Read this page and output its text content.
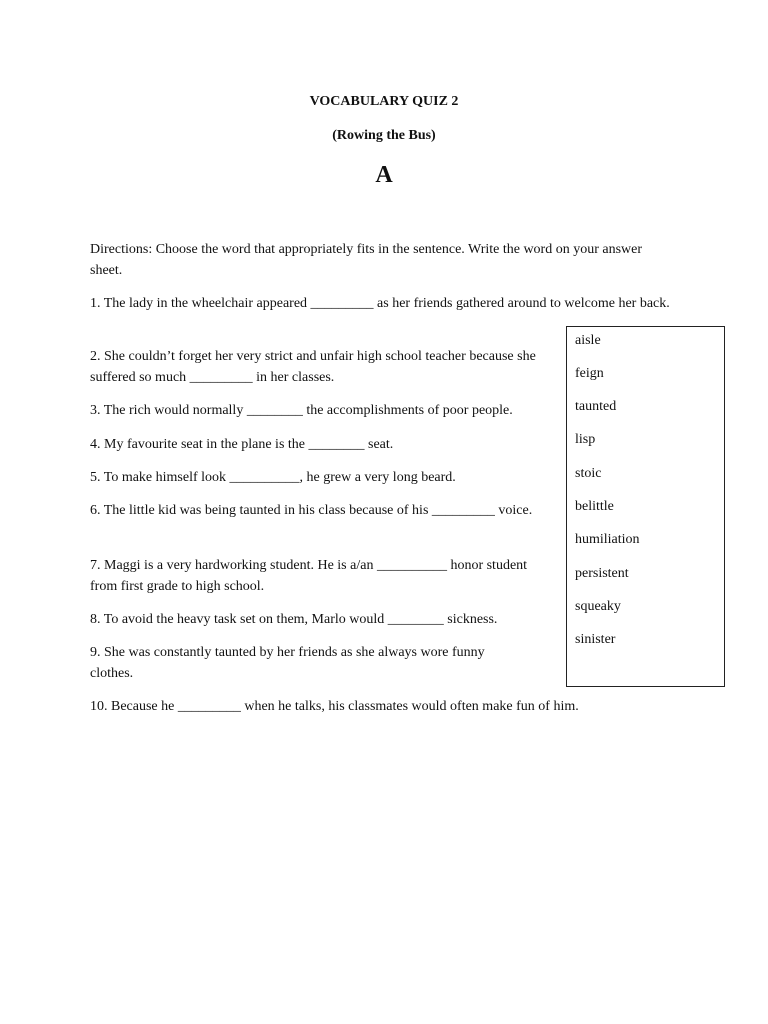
VOCABULARY QUIZ 2
(Rowing the Bus)
A

Directions: Choose the word that appropriately fits in the sentence. Write the word on your answer sheet.

1. The lady in the wheelchair appeared _________ as her friends gathered around to welcome her back.

2. She couldn’t forget her very strict and unfair high school teacher because she suffered so much _________ in her classes.

3. The rich would normally ________ the accomplishments of poor people.

4. My favourite seat in the plane is the ________ seat.

5. To make himself look __________, he grew a very long beard.

6. The little kid was being taunted in his class because of his _________ voice.

7. Maggi is a very hardworking student. He is a/an __________ honor student from first grade to high school.

8. To avoid the heavy task set on them, Marlo would ________ sickness.

9. She was constantly taunted by her friends as she always wore funny clothes.

10. Because he _________ when he talks, his classmates would often make fun of him.

aisle
feign
taunted
lisp
stoic
belittle
humiliation
persistent
squeaky
sinister
